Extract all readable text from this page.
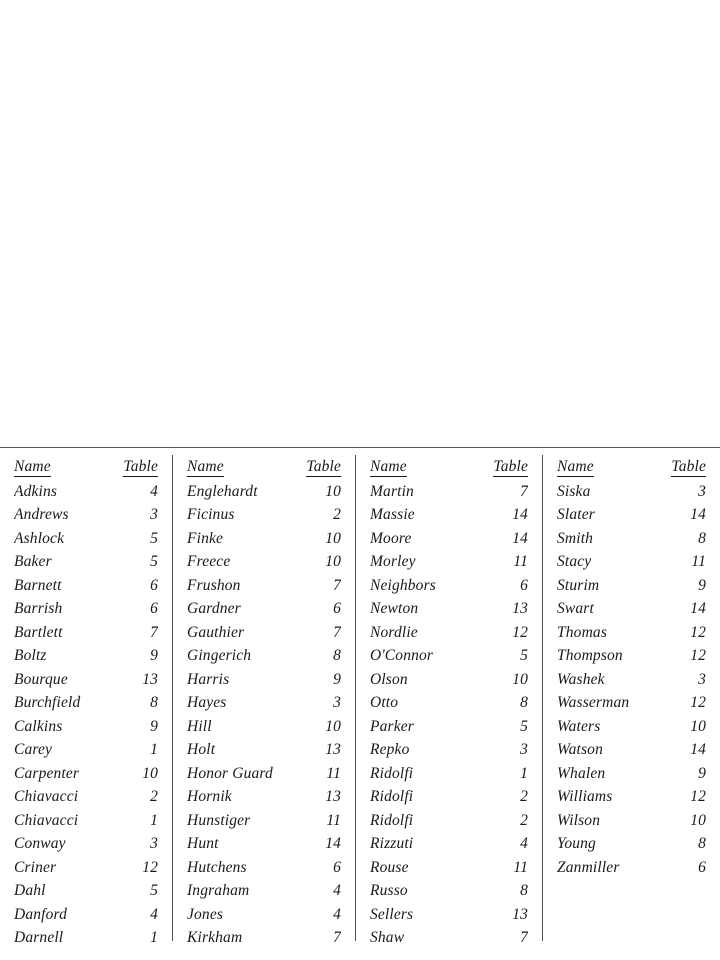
Name	Table
Adkins	4
Andrews	3
Ashlock	5
Baker	5
Barnett	6
Barrish	6
Bartlett	7
Boltz	9
Bourque	13
Burchfield	8
Calkins	9
Carey	1
Carpenter	10
Chiavacci	2
Chiavacci	1
Conway	3
Criner	12
Dahl	5
Danford	4
Darnell	1
Name	Table
Englehardt	10
Ficinus	2
Finke	10
Freece	10
Frushon	7
Gardner	6
Gauthier	7
Gingerich	8
Harris	9
Hayes	3
Hill	10
Holt	13
Honor Guard	11
Hornik	13
Hunstiger	11
Hunt	14
Hutchens	6
Ingraham	4
Jones	4
Kirkham	7
Name	Table
Martin	7
Massie	14
Moore	14
Morley	11
Neighbors	6
Newton	13
Nordlie	12
O'Connor	5
Olson	10
Otto	8
Parker	5
Repko	3
Ridolfi	1
Ridolfi	2
Ridolfi	2
Rizzuti	4
Rouse	11
Russo	8
Sellers	13
Shaw	7
Name	Table
Siska	3
Slater	14
Smith	8
Stacy	11
Sturim	9
Swart	14
Thomas	12
Thompson	12
Washek	3
Wasserman	12
Waters	10
Watson	14
Whalen	9
Williams	12
Wilson	10
Young	8
Zanmiller	6
